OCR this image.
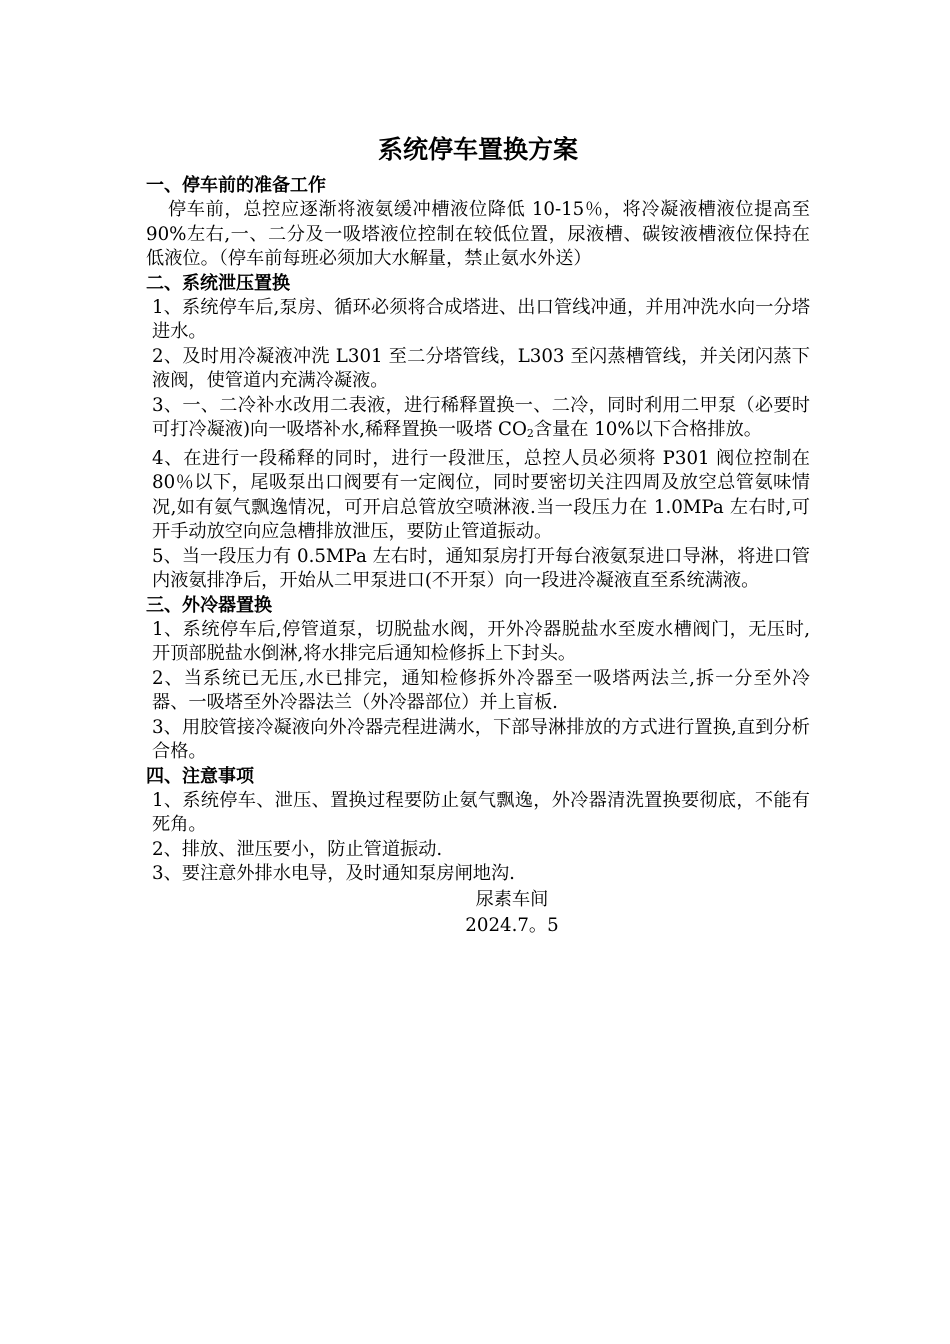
系统停车置换方案
一、停车前的准备工作

停车前，总控应逐渐将液氨缓冲槽液位降低 10-15％，将冷凝液槽液位提高至 90%左右,一、二分及一吸塔液位控制在较低位置，尿液槽、碳铵液槽液位保持在低液位。（停车前每班必须加大水解量，禁止氨水外送）

二、系统泄压置换

1、系统停车后,泵房、循环必须将合成塔进、出口管线冲通，并用冲洗水向一分塔进水。

2、及时用冷凝液冲洗 L301 至二分塔管线，L303 至闪蒸槽管线，并关闭闪蒸下液阀，使管道内充满冷凝液。

3、一、二冷补水改用二表液，进行稀释置换一、二冷，同时利用二甲泵（必要时可打冷凝液)向一吸塔补水,稀释置换一吸塔 $CO_2$含量在 10%以下合格排放。

4、在进行一段稀释的同时，进行一段泄压，总控人员必须将 P301 阀位控制在 80％以下，尾吸泵出口阀要有一定阀位，同时要密切关注四周及放空总管氨味情况,如有氨气飘逸情况，可开启总管放空喷淋液.当一段压力在 1.0MPa 左右时,可开手动放空向应急槽排放泄压，要防止管道振动。

5、当一段压力有 0.5MPa 左右时，通知泵房打开每台液氨泵进口导淋，将进口管内液氨排净后，开始从二甲泵进口(不开泵）向一段进冷凝液直至系统满液。

三、外冷器置换

1、系统停车后,停管道泵，切脱盐水阀，开外冷器脱盐水至废水槽阀门，无压时,开顶部脱盐水倒淋,将水排完后通知检修拆上下封头。

2、当系统已无压,水已排完，通知检修拆外冷器至一吸塔两法兰,拆一分至外冷器、一吸塔至外冷器法兰（外冷器部位）并上盲板.

3、用胶管接冷凝液向外冷器壳程进满水，下部导淋排放的方式进行置换,直到分析合格。

四、注意事项

1、系统停车、泄压、置换过程要防止氨气飘逸，外冷器清洗置换要彻底，不能有死角。

2、排放、泄压要小，防止管道振动.

3、要注意外排水电导，及时通知泵房闸地沟.

尿素车间

2024.7。5
